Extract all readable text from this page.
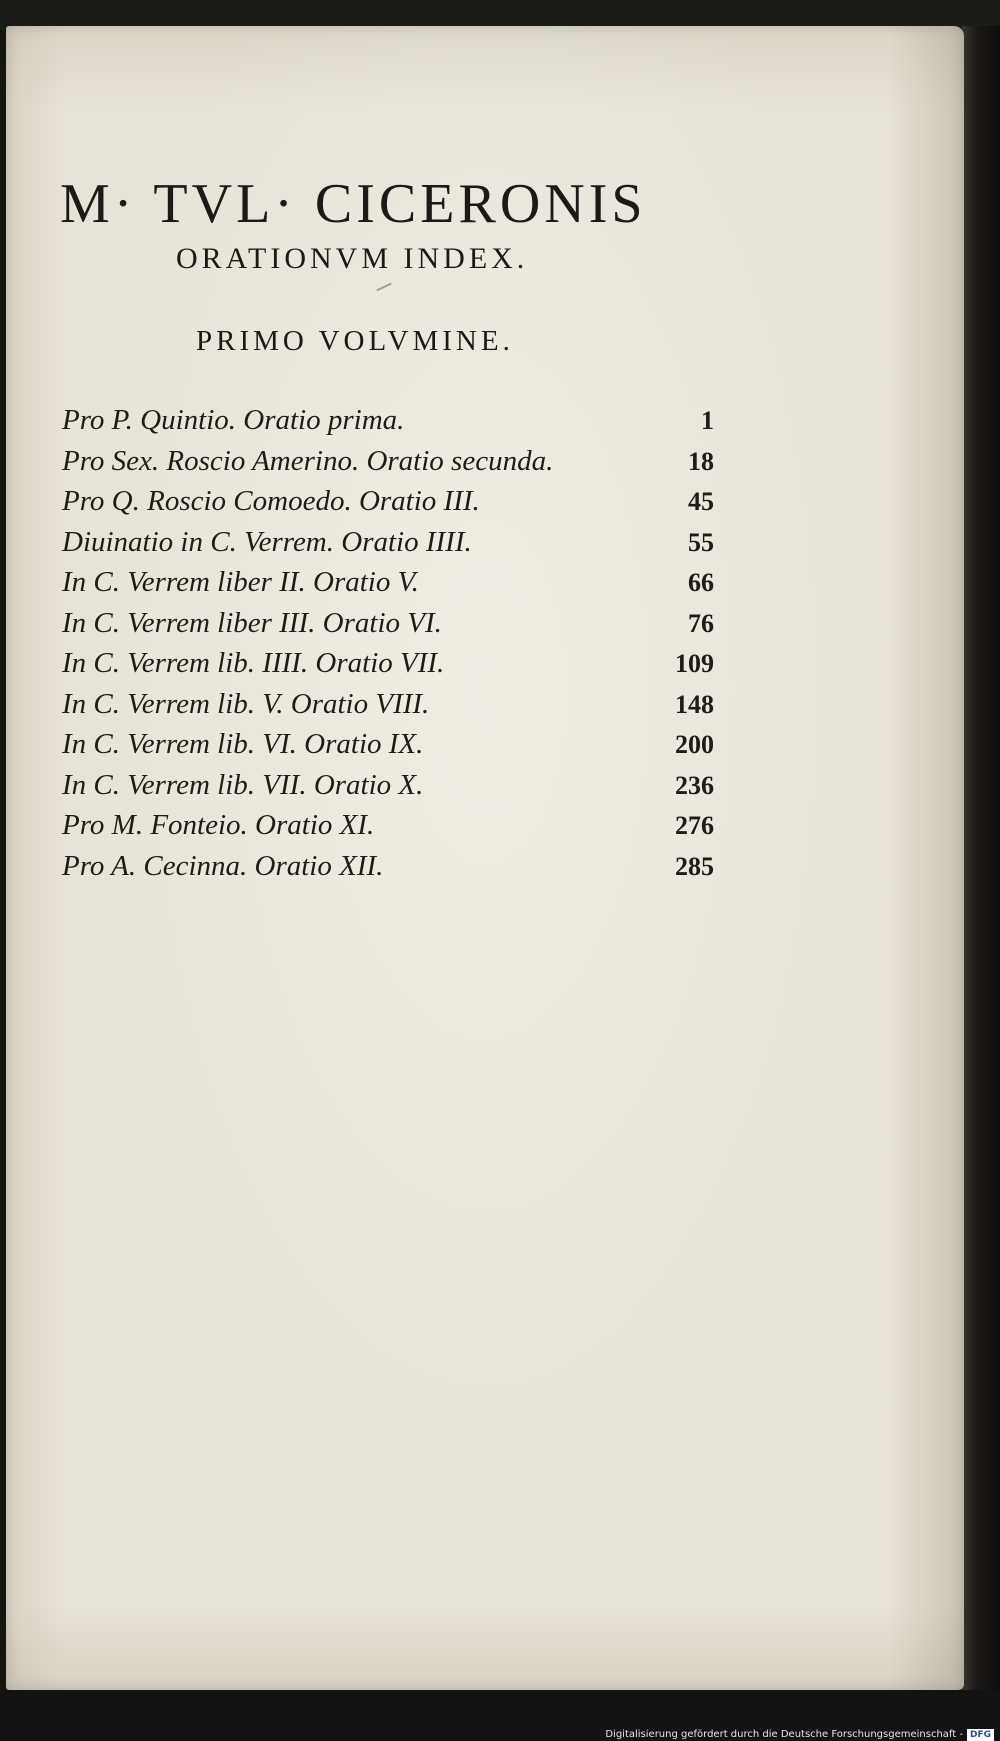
M· TVL· CICERONIS
ORATIONVM INDEX.
PRIMO VOLVMINE.
Pro P. Quintio. Oratio prima.	1
Pro Sex. Roscio Amerino. Oratio secunda.	18
Pro Q. Roscio Comoedo. Oratio III.	45
Diuinatio in C. Verrem. Oratio IIII.	55
In C. Verrem liber II. Oratio V.	66
In C. Verrem liber III. Oratio VI.	76
In C. Verrem lib. IIII. Oratio VII.	109
In C. Verrem lib. V. Oratio VIII.	148
In C. Verrem lib. VI. Oratio IX.	200
In C. Verrem lib. VII. Oratio X.	236
Pro M. Fonteio. Oratio XI.	276
Pro A. Cecinna. Oratio XII.	285
Digitalisierung gefördert durch die Deutsche Forschungsgemeinschaft - DFG
